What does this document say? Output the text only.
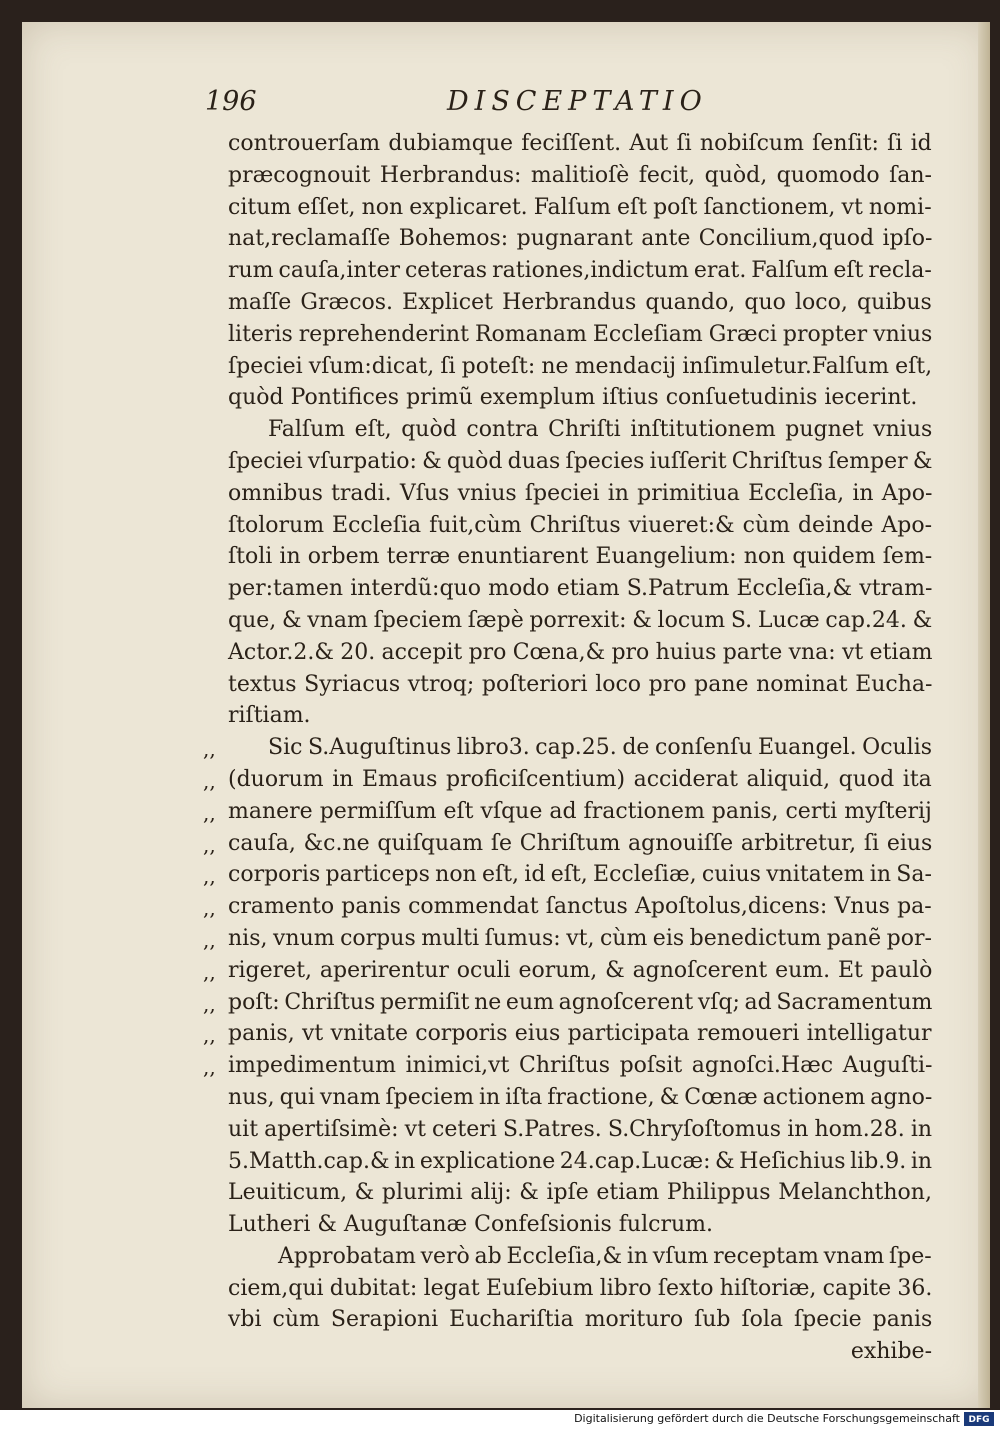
196	DISCEPTATIO
controuerſam dubiamque feciſſent. Aut ſi nobiſcum ſenſit: ſi id
præcognouit Herbrandus: malitioſè fecit, quòd, quomodo ſan-
citum eſſet, non explicaret. Falſum eſt poſt ſanctionem, vt nomi-
nat,reclamaſſe Bohemos: pugnarant ante Concilium,quod ipſo-
rum cauſa,inter ceteras rationes,indictum erat. Falſum eſt recla-
maſſe Græcos. Explicet Herbrandus quando, quo loco, quibus
literis reprehenderint Romanam Eccleſiam Græci propter vnius
ſpeciei vſum:dicat, ſi poteſt: ne mendacij inſimuletur.Falſum eſt,
quòd Pontifices primũ exemplum iſtius conſuetudinis iecerint.
Falſum eſt, quòd contra Chriſti inſtitutionem pugnet vnius
ſpeciei vſurpatio: & quòd duas ſpecies iuſſerit Chriſtus ſemper &
omnibus tradi. Vſus vnius ſpeciei in primitiua Eccleſia, in Apo-
ſtolorum Eccleſia fuit,cùm Chriſtus viueret:& cùm deinde Apo-
ſtoli in orbem terræ enuntiarent Euangelium: non quidem ſem-
per:tamen interdũ:quo modo etiam S.Patrum Eccleſia,& vtram-
que, & vnam ſpeciem ſæpè porrexit: & locum S. Lucæ cap.24. &
Actor.2.& 20. accepit pro Cœna,& pro huius parte vna: vt etiam
textus Syriacus vtroq; poſteriori loco pro pane nominat Eucha-
riſtiam.
Sic S.Auguſtinus libro3. cap.25. de conſenſu Euangel. Oculis
(duorum in Emaus proficiſcentium) acciderat aliquid, quod ita
manere permiſſum eſt vſque ad fractionem panis, certi myſterij
cauſa, &c.ne quiſquam ſe Chriſtum agnouiſſe arbitretur, ſi eius
corporis particeps non eſt, id eſt, Eccleſiæ, cuius vnitatem in Sa-
cramento panis commendat ſanctus Apoſtolus,dicens: Vnus pa-
nis, vnum corpus multi ſumus: vt, cùm eis benedictum panẽ por-
rigeret, aperirentur oculi eorum, & agnoſcerent eum. Et paulò
poſt: Chriſtus permiſit ne eum agnoſcerent vſq; ad Sacramentum
panis, vt vnitate corporis eius participata remoueri intelligatur
impedimentum inimici,vt Chriſtus poſsit agnoſci.Hæc Auguſti-
nus, qui vnam ſpeciem in iſta fractione, & Cœnæ actionem agno-
uit apertiſsimè: vt ceteri S.Patres. S.Chryſoſtomus in hom.28. in
5.Matth.cap.& in explicatione 24.cap.Lucæ: & Heſichius lib.9. in
Leuiticum, & plurimi alij: & ipſe etiam Philippus Melanchthon,
Lutheri & Auguſtanæ Confeſsionis fulcrum.
Approbatam verò ab Eccleſia,& in vſum receptam vnam ſpe-
ciem,qui dubitat: legat Euſebium libro ſexto hiſtoriæ, capite 36.
vbi cùm Serapioni Euchariſtia morituro ſub ſola ſpecie panis
exhibe-
,,
,,
,,
,,
,,
,,
,,
,,
,,
,,
,,
Digitalisierung gefördert durch die Deutsche Forschungsgemeinschaft DFG
